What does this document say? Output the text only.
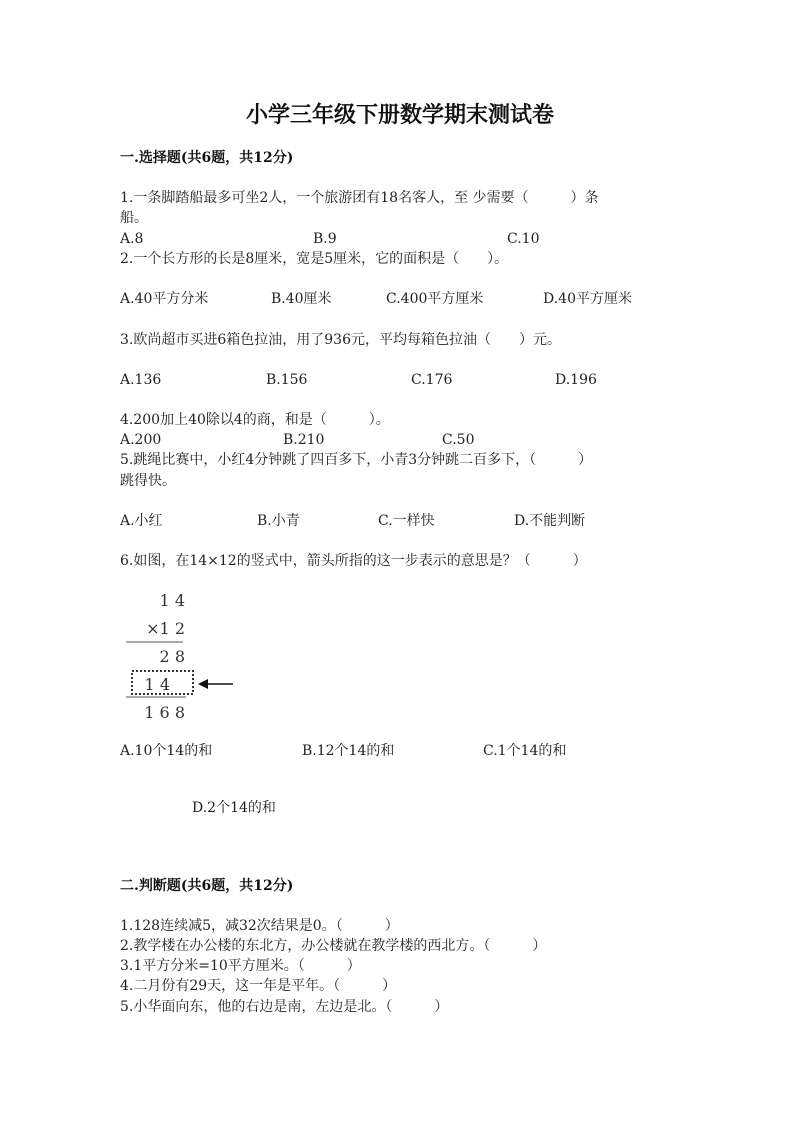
小学三年级下册数学期末测试卷
一.选择题(共6题，共12分)
1.一条脚踏船最多可坐2人，一个旅游团有18名客人，至 少需要（　　　）条
船。
A.8	B.9	C.10
2.一个长方形的长是8厘米，宽是5厘米，它的面积是（　　）。
A.40平方分米	B.40厘米	C.400平方厘米	D.40平方厘米
3.欧尚超市买进6箱色拉油，用了936元，平均每箱色拉油（　　）元。
A.136	B.156	C.176	D.196
4.200加上40除以4的商，和是（　　　）。
A.200	B.210	C.50
5.跳绳比赛中，小红4分钟跳了四百多下，小青3分钟跳二百多下，（　　　）
跳得快。
A.小红	B.小青	C.一样快	D.不能判断
6.如图，在14×12的竖式中，箭头所指的这一步表示的意思是？（　　　）
1 4
×1 2
2 8
1 4
1 6 8
A.10个14的和	B.12个14的和	C.1个14的和
D.2个14的和
二.判断题(共6题，共12分)
1.128连续减5，减32次结果是0。（　　　）
2.教学楼在办公楼的东北方，办公楼就在教学楼的西北方。（　　　）
3.1平方分米=10平方厘米。（　　　）
4.二月份有29天，这一年是平年。（　　　）
5.小华面向东，他的右边是南，左边是北。（　　　）
